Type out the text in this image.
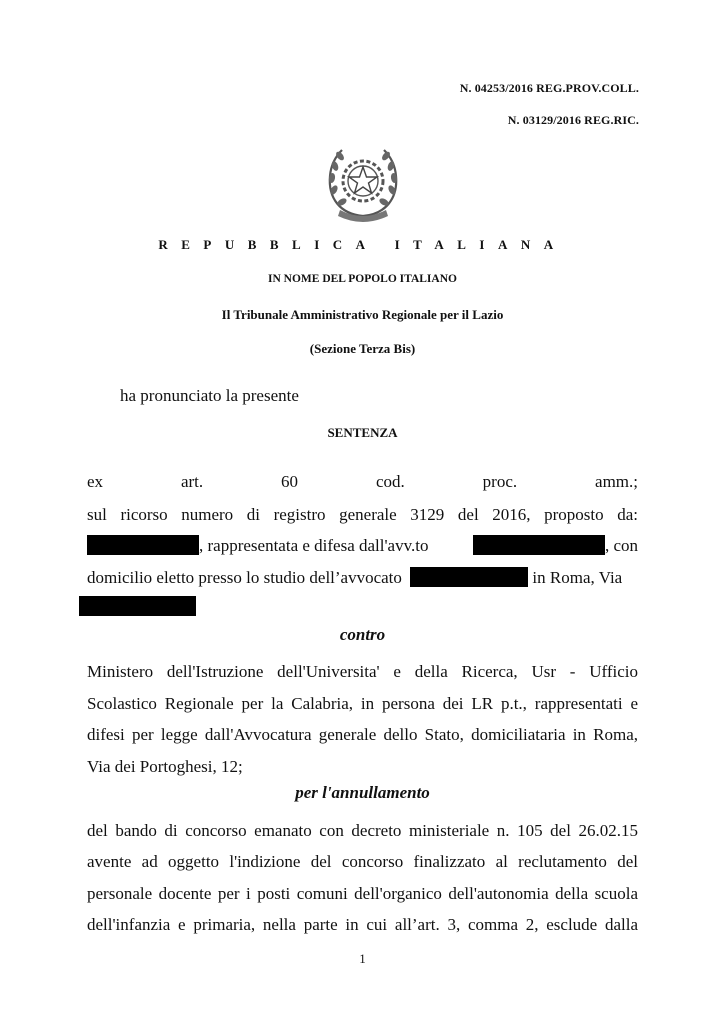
N. 04253/2016 REG.PROV.COLL.
N. 03129/2016 REG.RIC.
REPUBBLICA ITALIANA
IN NOME DEL POPOLO ITALIANO
Il Tribunale Amministrativo Regionale per il Lazio
(Sezione Terza Bis)
ha pronunciato la presente
SENTENZA
ex	art.	60	cod.	proc.	amm.;
sul ricorso numero di registro generale 3129 del 2016, proposto da:
, rappresentata e difesa dall'avv.to	, con
domicilio eletto presso lo studio dell’avvocato	in Roma, Via
contro
Ministero dell'Istruzione dell'Universita' e della Ricerca, Usr - Ufficio
Scolastico Regionale per la Calabria, in persona dei LR p.t., rappresentati e
difesi per legge dall'Avvocatura generale dello Stato, domiciliataria in Roma,
Via dei Portoghesi, 12;
per l'annullamento
del bando di concorso emanato con decreto ministeriale n. 105 del 26.02.15
avente ad oggetto l'indizione del concorso finalizzato al reclutamento del
personale docente per i posti comuni dell'organico dell'autonomia della scuola
dell'infanzia e primaria, nella parte in cui all’art. 3, comma 2, esclude dalla
1
